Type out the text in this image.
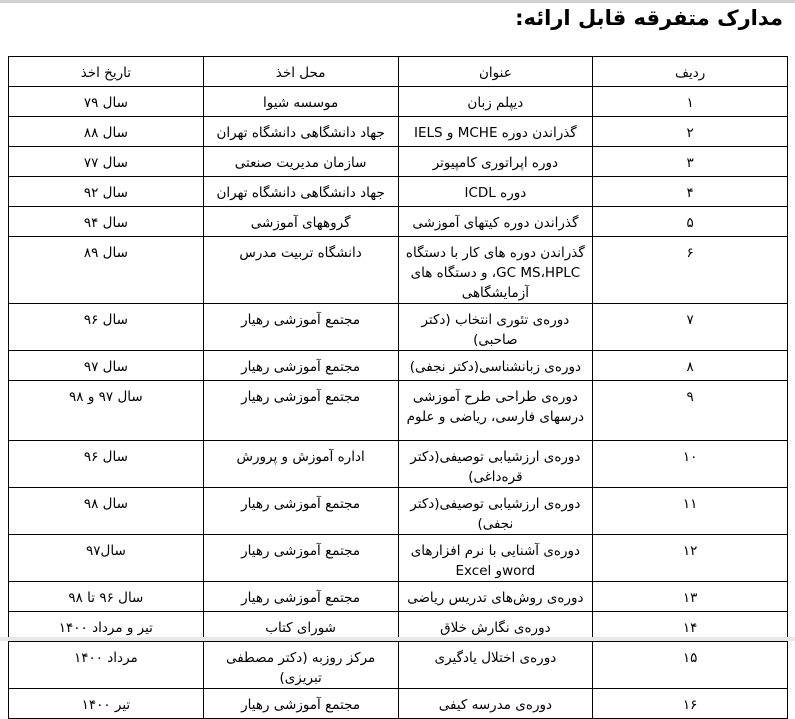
مدارک متفرقه قابل ارائه:
ردیف	عنوان	محل اخذ	تاریخ اخذ
۱	دیپلم زبان	موسسه شیوا	سال ۷۹
۲	گذراندن دوره MCHE و IELS	جهاد دانشگاهی دانشگاه تهران	سال ۸۸
۳	دوره اپراتوری کامپیوتر	سازمان مدیریت صنعتی	سال ۷۷
۴	دوره ICDL	جهاد دانشگاهی دانشگاه تهران	سال ۹۲
۵	گذراندن دوره کیتهای آموزشی	گروههای آموزشی	سال ۹۴
۶	گذراندن دوره های کار با دستگاه GC MS،HPLC، و دستگاه های آزمایشگاهی	دانشگاه تربیت مدرس	سال ۸۹
۷	دوره‌ی تئوری انتخاب (دکتر صاحبی)	مجتمع آموزشی رهیار	سال ۹۶
۸	دوره‌ی زبانشناسی(دکتر نجفی)	مجتمع آموزشی رهیار	سال ۹۷
۹	دوره‌ی طراحی طرح آموزشی درسهای فارسی، ریاضی و علوم	مجتمع آموزشی رهیار	سال ۹۷ و ۹۸
۱۰	دوره‌ی ارزشیابی توصیفی(دکتر قره‌داغی)	اداره آموزش و پرورش	سال ۹۶
۱۱	دوره‌ی ارزشیابی توصیفی(دکتر نجفی)	مجتمع آموزشی رهیار	سال ۹۸
۱۲	دوره‌ی آشنایی با نرم افزارهای wordو Excel	مجتمع آموزشی رهیار	سال۹۷
۱۳	دوره‌ی روش‌های تدریس ریاضی	مجتمع آموزشی رهیار	سال ۹۶ تا ۹۸
۱۴	دوره‌ی نگارش خلاق	شورای کتاب	تیر و مرداد ۱۴۰۰
۱۵	دوره‌ی اختلال یادگیری	مرکز روزبه (دکتر مصطفی تبریزی)	مرداد ۱۴۰۰
۱۶	دوره‌ی مدرسه کیفی	مجتمع آموزشی رهیار	تیر ۱۴۰۰
